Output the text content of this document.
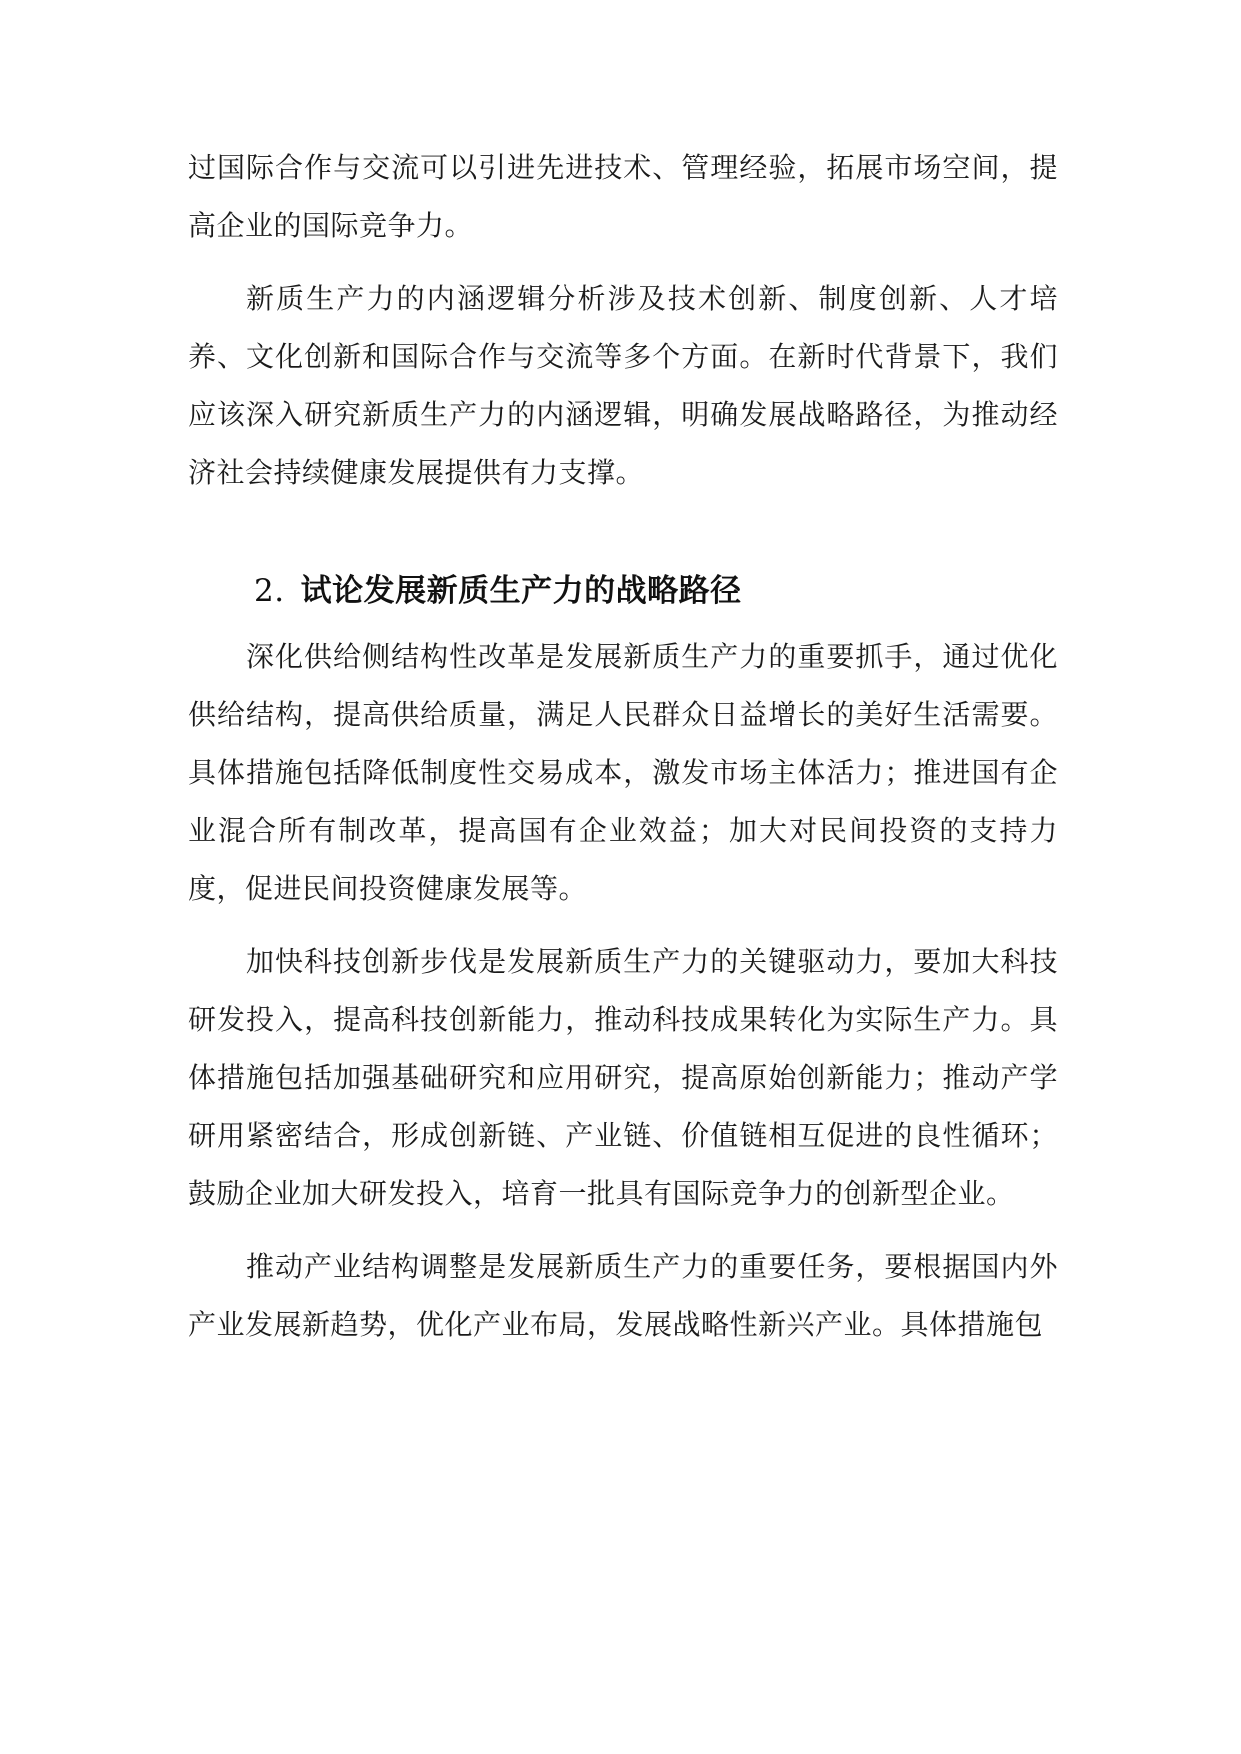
过国际合作与交流可以引进先进技术、管理经验，拓展市场空间，提高企业的国际竞争力。

新质生产力的内涵逻辑分析涉及技术创新、制度创新、人才培养、文化创新和国际合作与交流等多个方面。在新时代背景下，我们应该深入研究新质生产力的内涵逻辑，明确发展战略路径，为推动经济社会持续健康发展提供有力支撑。

2. 试论发展新质生产力的战略路径

深化供给侧结构性改革是发展新质生产力的重要抓手，通过优化供给结构，提高供给质量，满足人民群众日益增长的美好生活需要。具体措施包括降低制度性交易成本，激发市场主体活力；推进国有企业混合所有制改革，提高国有企业效益；加大对民间投资的支持力度，促进民间投资健康发展等。

加快科技创新步伐是发展新质生产力的关键驱动力，要加大科技研发投入，提高科技创新能力，推动科技成果转化为实际生产力。具体措施包括加强基础研究和应用研究，提高原始创新能力；推动产学研用紧密结合，形成创新链、产业链、价值链相互促进的良性循环；鼓励企业加大研发投入，培育一批具有国际竞争力的创新型企业。

推动产业结构调整是发展新质生产力的重要任务，要根据国内外产业发展新趋势，优化产业布局，发展战略性新兴产业。具体措施包
